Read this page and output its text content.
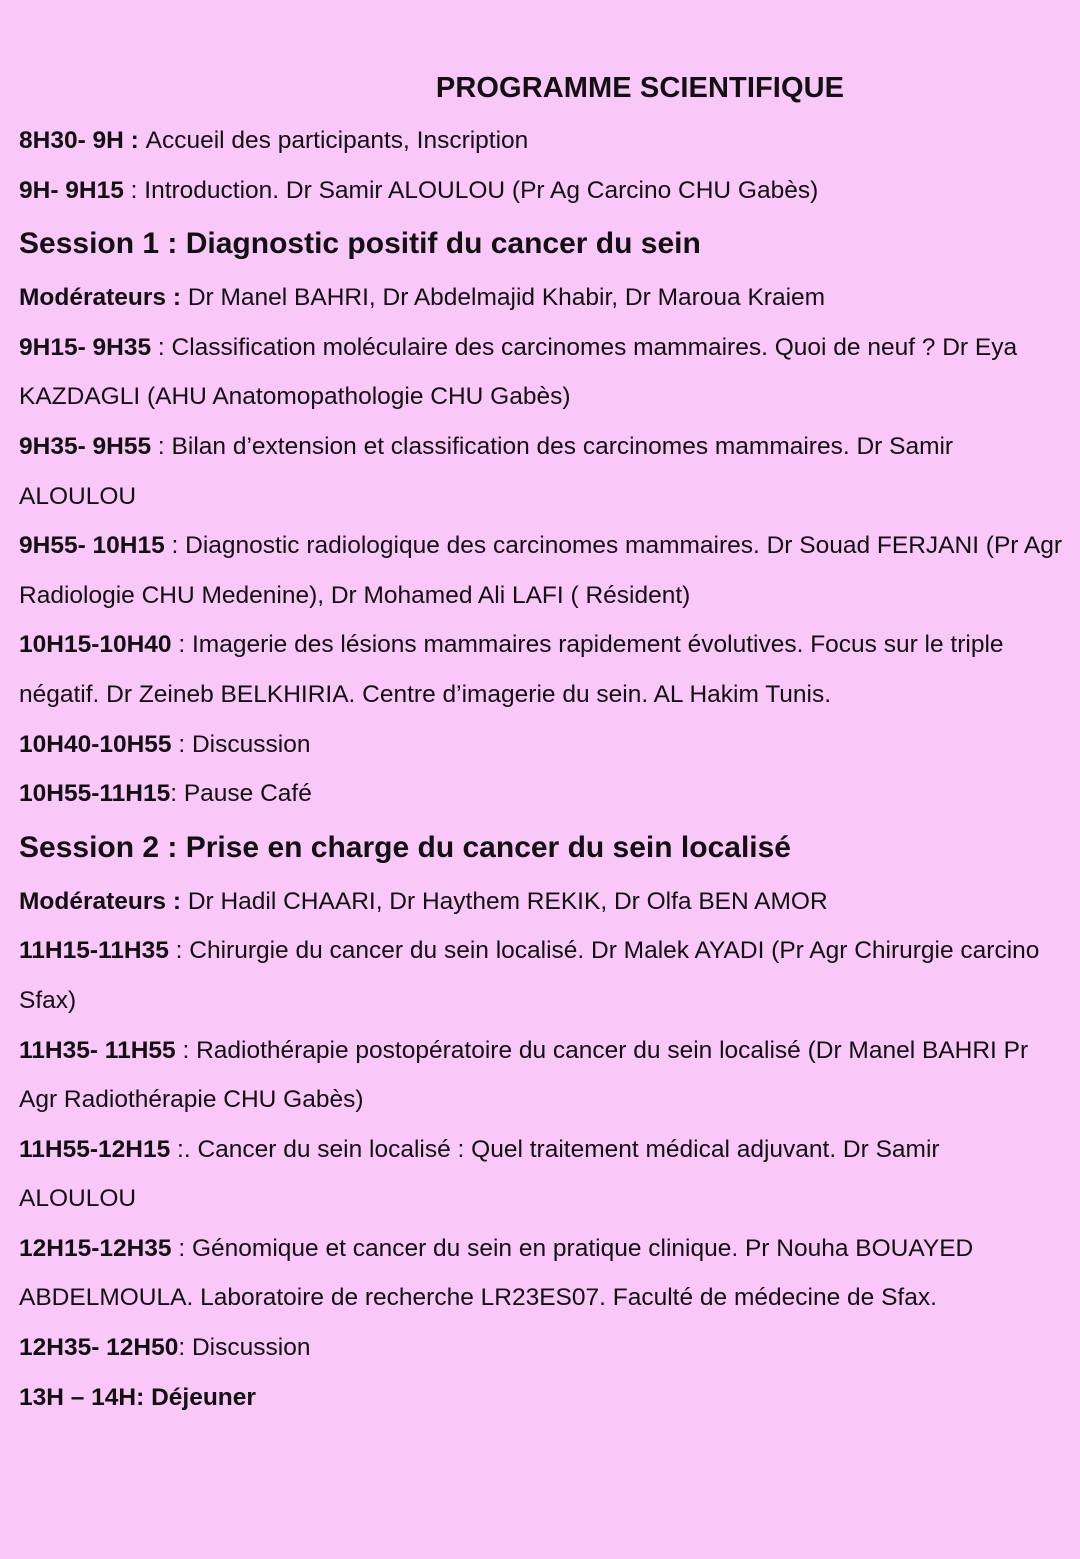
PROGRAMME SCIENTIFIQUE

8H30- 9H : Accueil des participants, Inscription

9H- 9H15 : Introduction. Dr Samir ALOULOU (Pr Ag Carcino CHU Gabès)

Session 1 : Diagnostic positif du cancer du sein

Modérateurs : Dr Manel BAHRI, Dr Abdelmajid Khabir, Dr Maroua Kraiem

9H15- 9H35 : Classification moléculaire des carcinomes mammaires. Quoi de neuf ? Dr Eya

KAZDAGLI (AHU Anatomopathologie CHU Gabès)

9H35- 9H55 : Bilan d’extension et classification des carcinomes mammaires. Dr Samir

ALOULOU

9H55- 10H15 : Diagnostic radiologique des carcinomes mammaires. Dr Souad FERJANI (Pr Agr

Radiologie CHU Medenine), Dr Mohamed Ali LAFI ( Résident)

10H15-10H40 : Imagerie des lésions mammaires rapidement évolutives. Focus sur le triple

négatif. Dr Zeineb BELKHIRIA. Centre d’imagerie du sein. AL Hakim Tunis.

10H40-10H55 : Discussion

10H55-11H15: Pause Café

Session 2 : Prise en charge du cancer du sein localisé

Modérateurs : Dr Hadil CHAARI, Dr Haythem REKIK, Dr Olfa BEN AMOR

11H15-11H35 : Chirurgie du cancer du sein localisé. Dr Malek AYADI (Pr Agr Chirurgie carcino

Sfax)

11H35- 11H55 : Radiothérapie postopératoire du cancer du sein localisé (Dr Manel BAHRI Pr

Agr Radiothérapie CHU Gabès)

11H55-12H15 :. Cancer du sein localisé : Quel traitement médical adjuvant. Dr Samir

ALOULOU

12H15-12H35 : Génomique et cancer du sein en pratique clinique. Pr Nouha BOUAYED

ABDELMOULA. Laboratoire de recherche LR23ES07. Faculté de médecine de Sfax.

12H35- 12H50: Discussion

13H – 14H: Déjeuner
